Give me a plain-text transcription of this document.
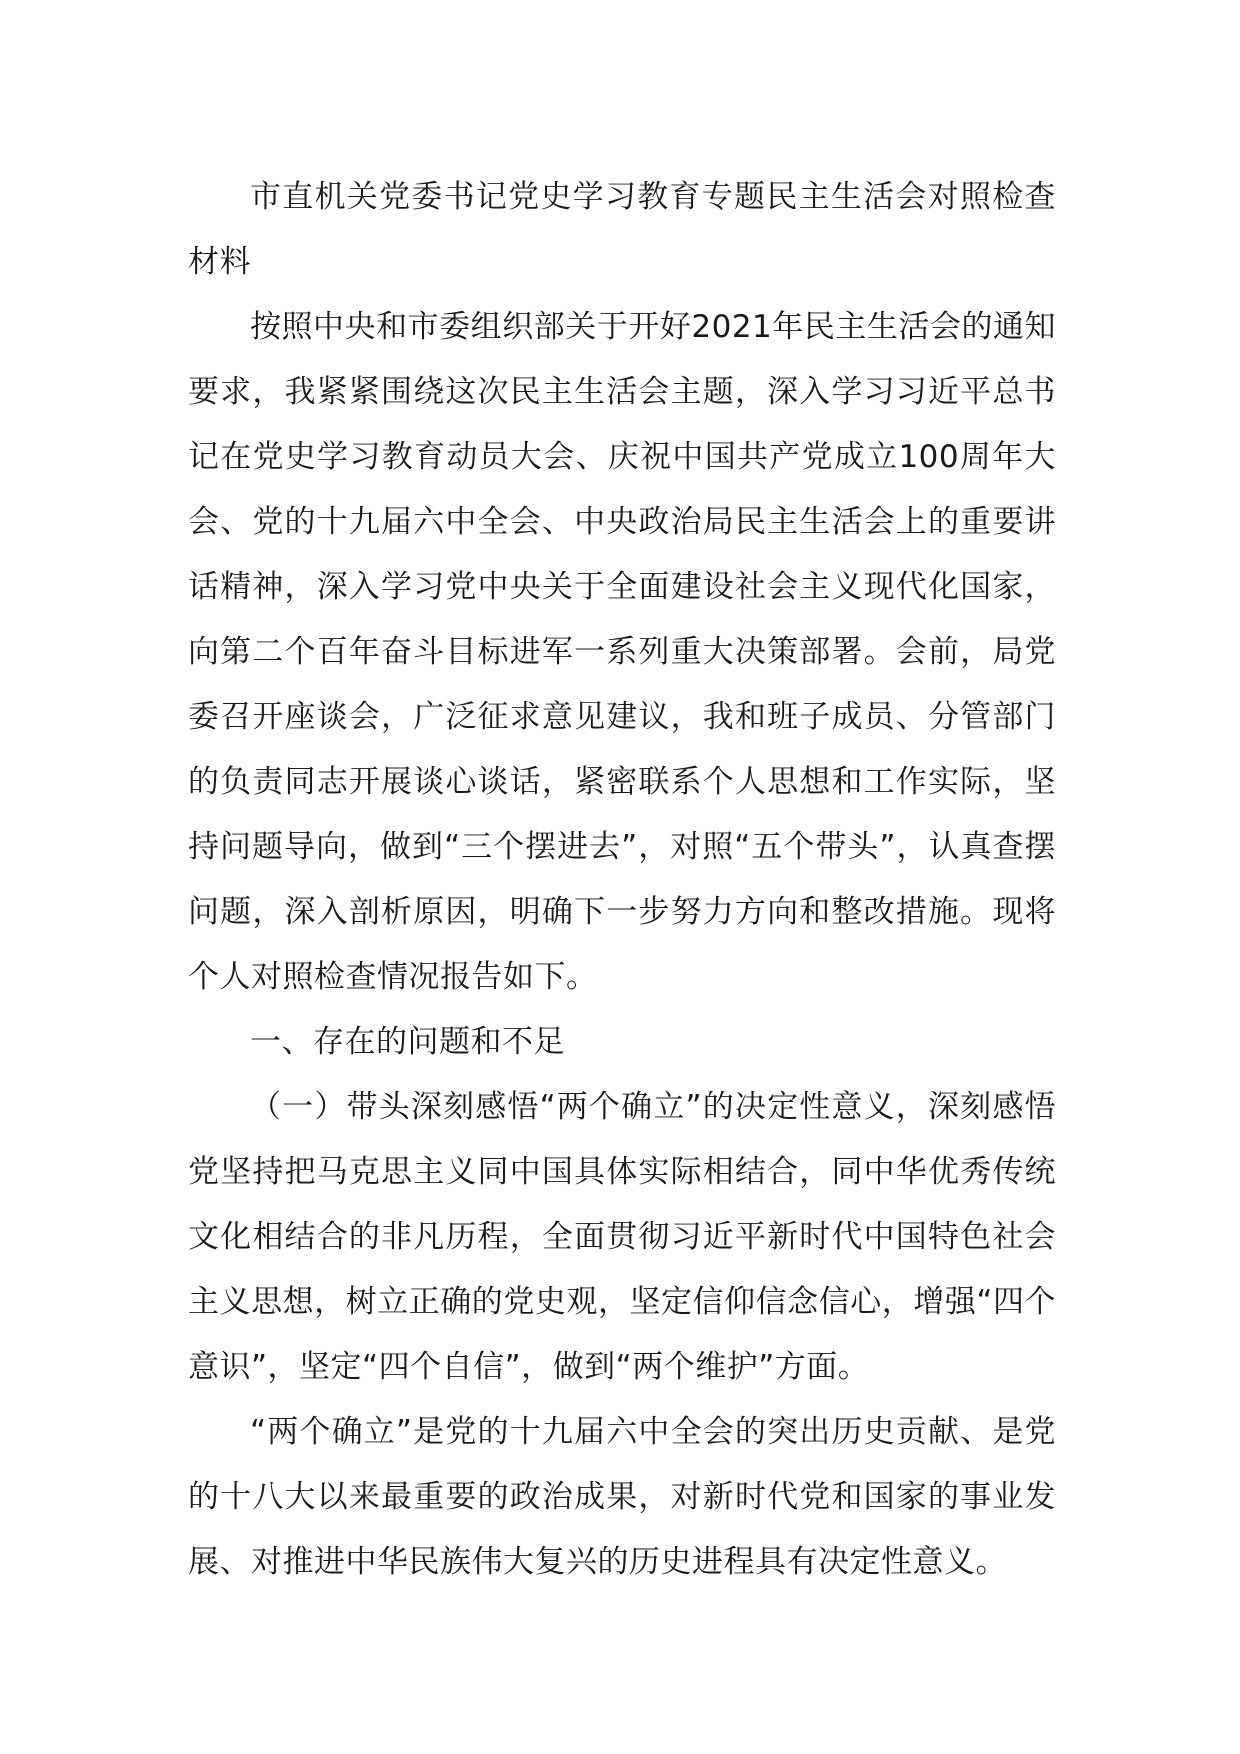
市直机关党委书记党史学习教育专题民主生活会对照检查材料

按照中央和市委组织部关于开好2021年民主生活会的通知要求，我紧紧围绕这次民主生活会主题，深入学习习近平总书记在党史学习教育动员大会、庆祝中国共产党成立100周年大会、党的十九届六中全会、中央政治局民主生活会上的重要讲话精神，深入学习党中央关于全面建设社会主义现代化国家，向第二个百年奋斗目标进军一系列重大决策部署。会前，局党委召开座谈会，广泛征求意见建议，我和班子成员、分管部门的负责同志开展谈心谈话，紧密联系个人思想和工作实际，坚持问题导向，做到“三个摆进去”，对照“五个带头”，认真查摆问题，深入剖析原因，明确下一步努力方向和整改措施。现将个人对照检查情况报告如下。

一、存在的问题和不足

（一）带头深刻感悟“两个确立”的决定性意义，深刻感悟党坚持把马克思主义同中国具体实际相结合，同中华优秀传统文化相结合的非凡历程，全面贯彻习近平新时代中国特色社会主义思想，树立正确的党史观，坚定信仰信念信心，增强“四个意识”，坚定“四个自信”，做到“两个维护”方面。

“两个确立”是党的十九届六中全会的突出历史贡献、是党的十八大以来最重要的政治成果，对新时代党和国家的事业发展、对推进中华民族伟大复兴的历史进程具有决定性意义。
